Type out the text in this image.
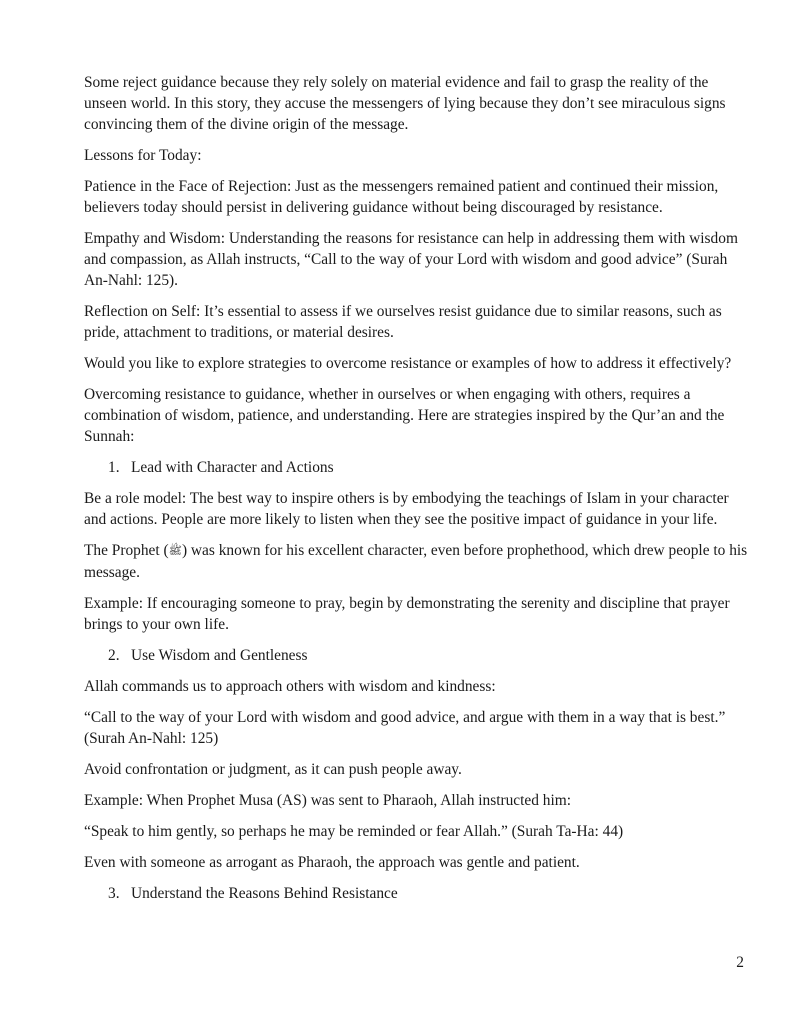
Some reject guidance because they rely solely on material evidence and fail to grasp the reality of the unseen world. In this story, they accuse the messengers of lying because they don’t see miraculous signs convincing them of the divine origin of the message.

Lessons for Today:

Patience in the Face of Rejection: Just as the messengers remained patient and continued their mission, believers today should persist in delivering guidance without being discouraged by resistance.

Empathy and Wisdom: Understanding the reasons for resistance can help in addressing them with wisdom and compassion, as Allah instructs, “Call to the way of your Lord with wisdom and good advice” (Surah An-Nahl: 125).

Reflection on Self: It’s essential to assess if we ourselves resist guidance due to similar reasons, such as pride, attachment to traditions, or material desires.

Would you like to explore strategies to overcome resistance or examples of how to address it effectively?

Overcoming resistance to guidance, whether in ourselves or when engaging with others, requires a combination of wisdom, patience, and understanding. Here are strategies inspired by the Qur’an and the Sunnah:

1. Lead with Character and Actions

Be a role model: The best way to inspire others is by embodying the teachings of Islam in your character and actions. People are more likely to listen when they see the positive impact of guidance in your life.

The Prophet (ﷺ) was known for his excellent character, even before prophethood, which drew people to his message.

Example: If encouraging someone to pray, begin by demonstrating the serenity and discipline that prayer brings to your own life.

2. Use Wisdom and Gentleness

Allah commands us to approach others with wisdom and kindness:

“Call to the way of your Lord with wisdom and good advice, and argue with them in a way that is best.” (Surah An-Nahl: 125)

Avoid confrontation or judgment, as it can push people away.

Example: When Prophet Musa (AS) was sent to Pharaoh, Allah instructed him:

“Speak to him gently, so perhaps he may be reminded or fear Allah.” (Surah Ta-Ha: 44)

Even with someone as arrogant as Pharaoh, the approach was gentle and patient.

3. Understand the Reasons Behind Resistance
2
